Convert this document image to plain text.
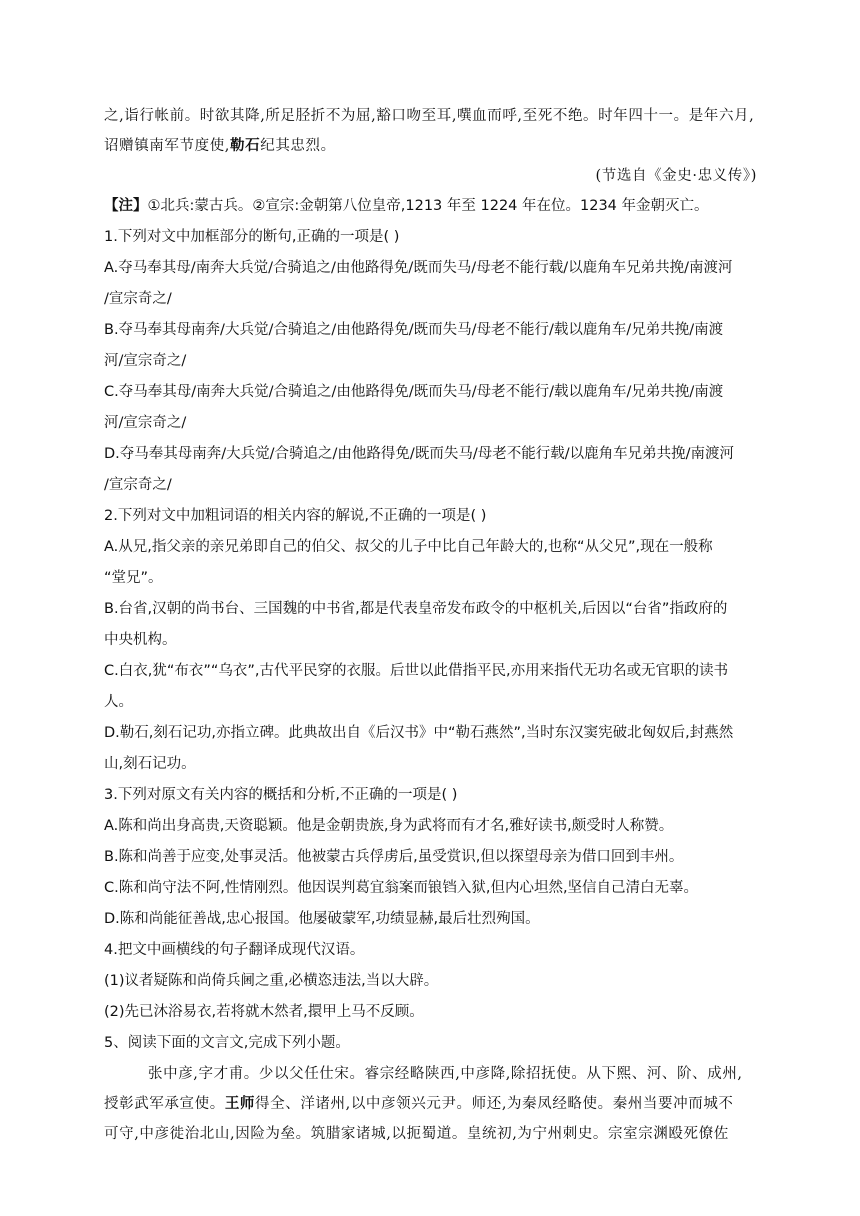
之,诣行帐前。时欲其降,所足胫折不为屈,豁口吻至耳,噀血而呼,至死不绝。时年四十一。是年六月,
诏赠镇南军节度使,勒石纪其忠烈。
(节选自《金史·忠义传》)
【注】①北兵:蒙古兵。②宣宗:金朝第八位皇帝,1213 年至 1224 年在位。1234 年金朝灭亡。
1.下列对文中加框部分的断句,正确的一项是( )
A.夺马奉其母/南奔大兵觉/合骑追之/由他路得免/既而失马/母老不能行载/以鹿角车兄弟共挽/南渡河
/宣宗奇之/
B.夺马奉其母南奔/大兵觉/合骑追之/由他路得免/既而失马/母老不能行/载以鹿角车/兄弟共挽/南渡
河/宣宗奇之/
C.夺马奉其母/南奔大兵觉/合骑追之/由他路得免/既而失马/母老不能行/载以鹿角车/兄弟共挽/南渡
河/宣宗奇之/
D.夺马奉其母南奔/大兵觉/合骑追之/由他路得免/既而失马/母老不能行载/以鹿角车兄弟共挽/南渡河
/宣宗奇之/
2.下列对文中加粗词语的相关内容的解说,不正确的一项是( )
A.从兄,指父亲的亲兄弟即自己的伯父、叔父的儿子中比自己年龄大的,也称“从父兄”,现在一般称
“堂兄”。
B.台省,汉朝的尚书台、三国魏的中书省,都是代表皇帝发布政令的中枢机关,后因以“台省”指政府的
中央机构。
C.白衣,犹“布衣”“乌衣”,古代平民穿的衣服。后世以此借指平民,亦用来指代无功名或无官职的读书
人。
D.勒石,刻石记功,亦指立碑。此典故出自《后汉书》中“勒石燕然”,当时东汉窦宪破北匈奴后,封燕然
山,刻石记功。
3.下列对原文有关内容的概括和分析,不正确的一项是( )
A.陈和尚出身高贵,天资聪颖。他是金朝贵族,身为武将而有才名,雅好读书,颇受时人称赞。
B.陈和尚善于应变,处事灵活。他被蒙古兵俘虏后,虽受赏识,但以探望母亲为借口回到丰州。
C.陈和尚守法不阿,性情刚烈。他因误判葛宜翁案而锒铛入狱,但内心坦然,坚信自己清白无辜。
D.陈和尚能征善战,忠心报国。他屡破蒙军,功绩显赫,最后壮烈殉国。
4.把文中画横线的句子翻译成现代汉语。
(1)议者疑陈和尚倚兵阃之重,必横恣违法,当以大辟。
(2)先已沐浴易衣,若将就木然者,擐甲上马不反顾。
5、阅读下面的文言文,完成下列小题。
张中彦,字才甫。少以父任仕宋。睿宗经略陕西,中彦降,除招抚使。从下熙、河、阶、成州,
授彰武军承宣使。王师得全、洋诸州,以中彦领兴元尹。师还,为秦凤经略使。秦州当要冲而城不
可守,中彦徙治北山,因险为垒。筑腊家诸城,以扼蜀道。皇统初,为宁州刺史。宗室宗渊殴死僚佐
